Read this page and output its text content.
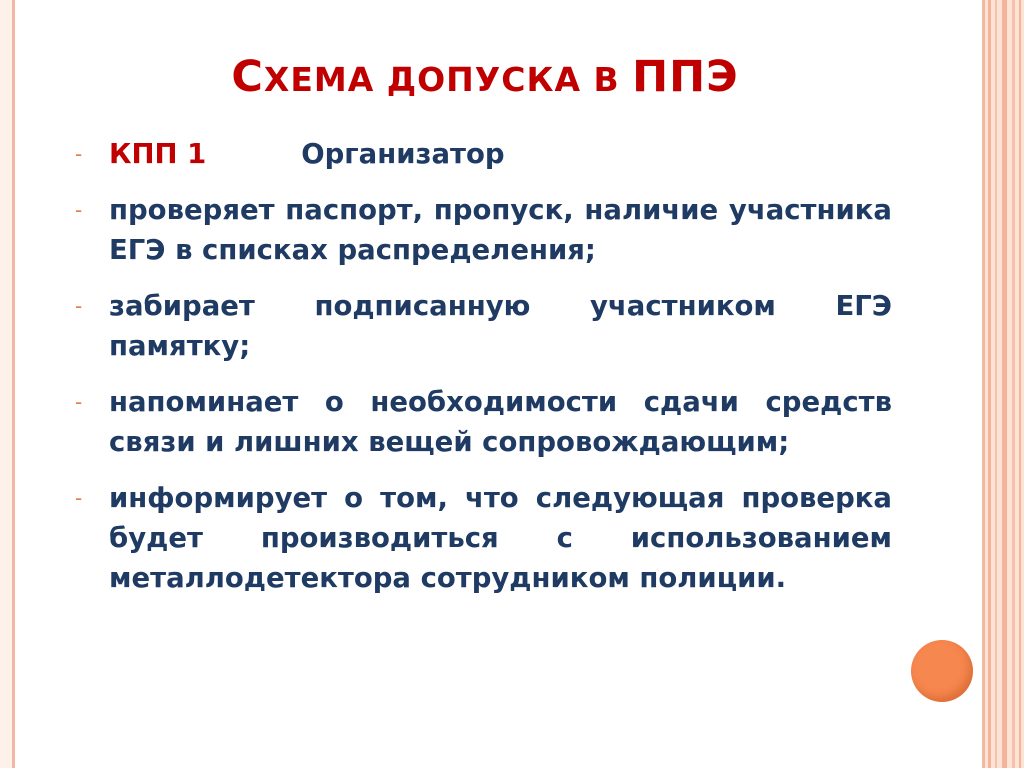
СХЕМА ДОПУСКА В ППЭ
- КПП 1	Организатор
- проверяет паспорт, пропуск, наличие участника ЕГЭ в списках распределения;
- забирает подписанную участником ЕГЭ памятку;
- напоминает о необходимости сдачи средств связи и лишних вещей сопровождающим;
- информирует о том, что следующая проверка будет производиться с использованием металлодетектора сотрудником полиции.
